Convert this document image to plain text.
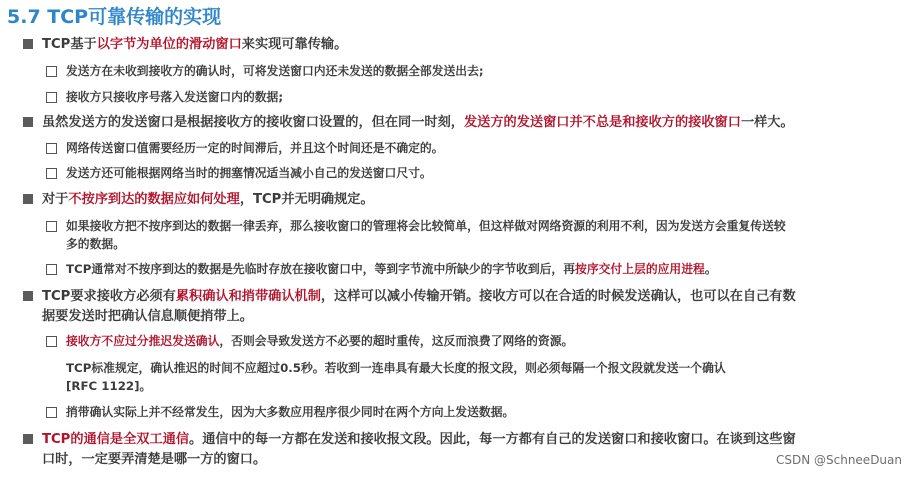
5.7 TCP可靠传输的实现
TCP基于以字节为单位的滑动窗口来实现可靠传输。
发送方在未收到接收方的确认时，可将发送窗口内还未发送的数据全部发送出去;
接收方只接收序号落入发送窗口内的数据;
虽然发送方的发送窗口是根据接收方的接收窗口设置的，但在同一时刻，发送方的发送窗口并不总是和接收方的接收窗口一样大。
网络传送窗口值需要经历一定的时间滞后，并且这个时间还是不确定的。
发送方还可能根据网络当时的拥塞情况适当减小自己的发送窗口尺寸。
对于不按序到达的数据应如何处理，TCP并无明确规定。
如果接收方把不按序到达的数据一律丢弃，那么接收窗口的管理将会比较简单，但这样做对网络资源的利用不利，因为发送方会重复传送较
多的数据。
TCP通常对不按序到达的数据是先临时存放在接收窗口中，等到字节流中所缺少的字节收到后，再按序交付上层的应用进程。
TCP要求接收方必须有累积确认和捎带确认机制，这样可以减小传输开销。接收方可以在合适的时候发送确认，也可以在自己有数
据要发送时把确认信息顺便捎带上。
接收方不应过分推迟发送确认，否则会导致发送方不必要的超时重传，这反而浪费了网络的资源。
TCP标准规定，确认推迟的时间不应超过0.5秒。若收到一连串具有最大长度的报文段，则必须每隔一个报文段就发送一个确认
[RFC 1122]。
捎带确认实际上并不经常发生，因为大多数应用程序很少同时在两个方向上发送数据。
TCP的通信是全双工通信。通信中的每一方都在发送和接收报文段。因此，每一方都有自己的发送窗口和接收窗口。在谈到这些窗
口时，一定要弄清楚是哪一方的窗口。	CSDN @SchneeDuan
